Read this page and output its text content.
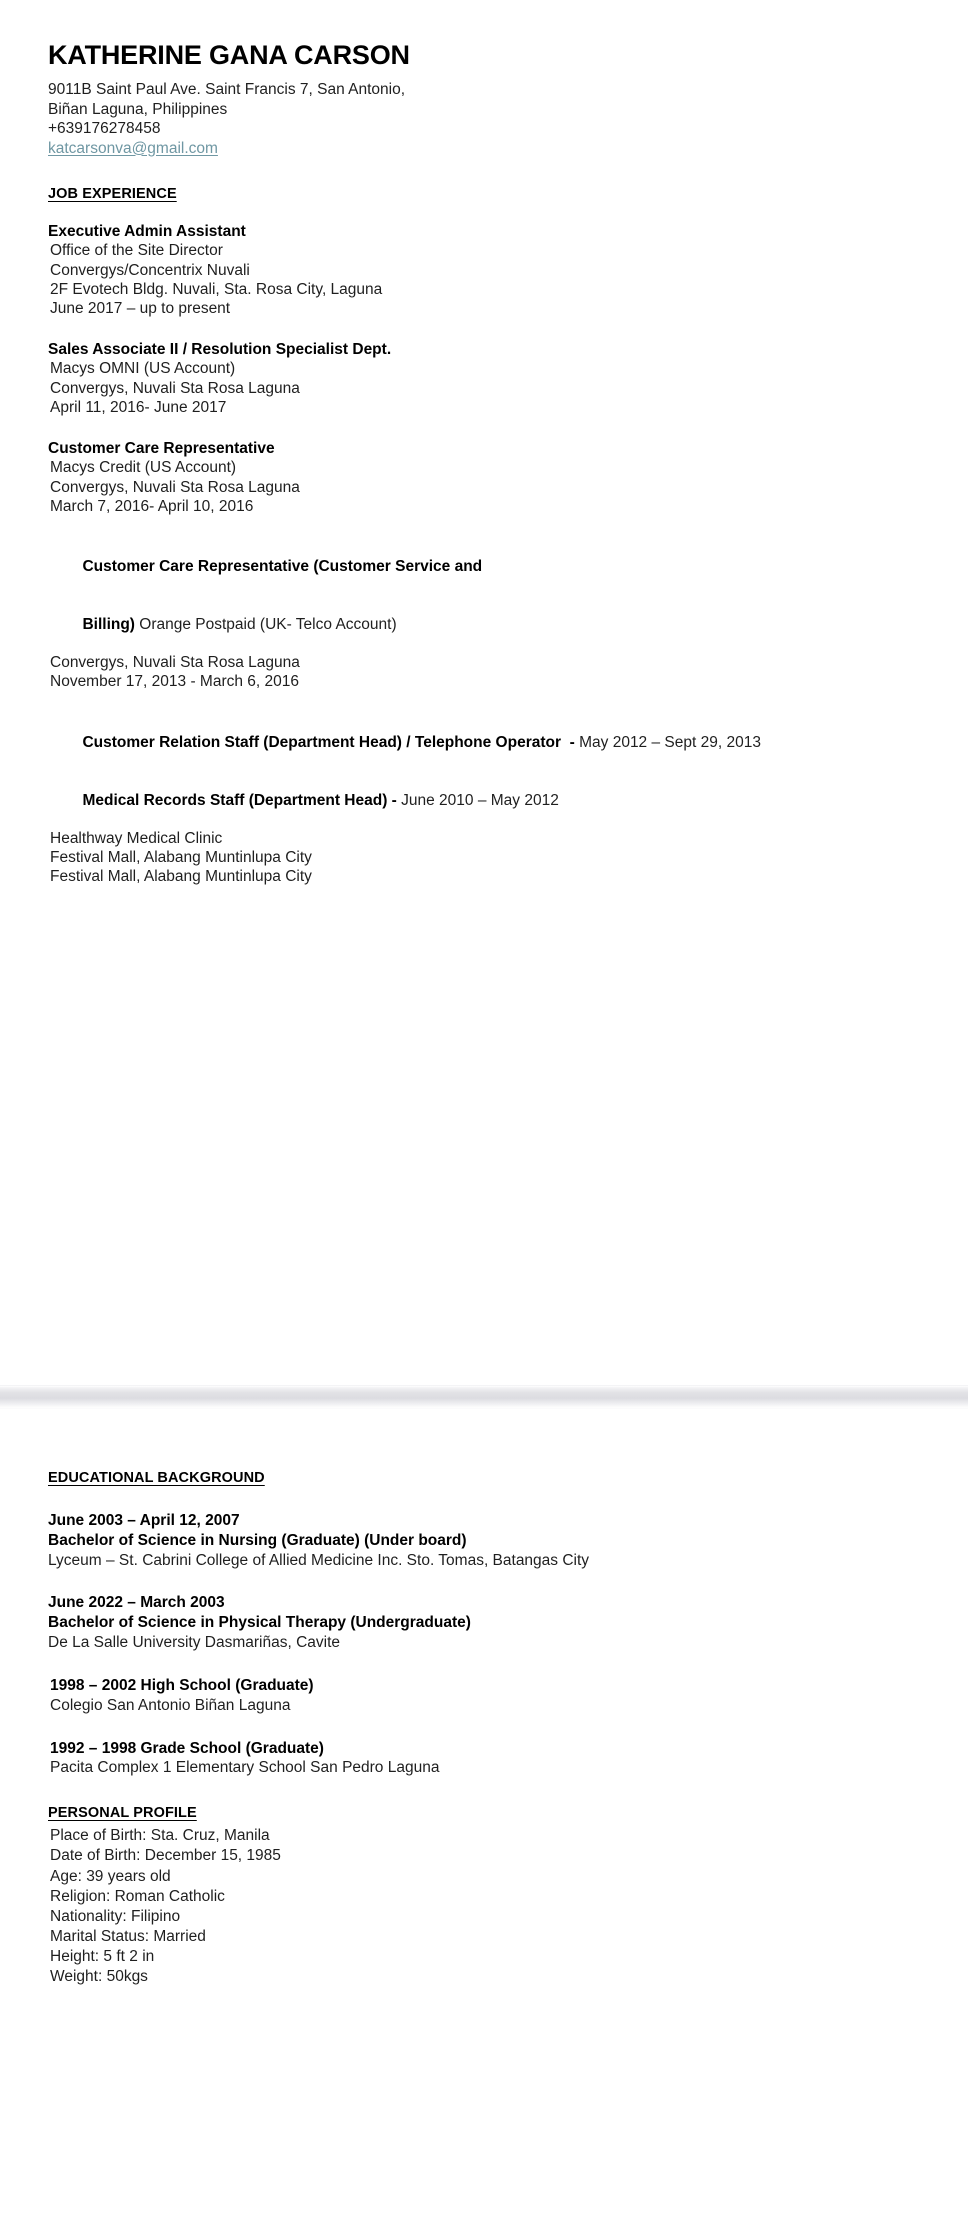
KATHERINE GANA CARSON
9011B Saint Paul Ave. Saint Francis 7, San Antonio,
Biñan Laguna, Philippines
+639176278458
katcarsonva@gmail.com
JOB EXPERIENCE
Executive Admin Assistant
Office of the Site Director
Convergys/Concentrix Nuvali
2F Evotech Bldg. Nuvali, Sta. Rosa City, Laguna
June 2017 – up to present
Sales Associate II / Resolution Specialist Dept.
Macys OMNI (US Account)
Convergys, Nuvali Sta Rosa Laguna
April 11, 2016- June 2017
Customer Care Representative
Macys Credit (US Account)
Convergys, Nuvali Sta Rosa Laguna
March 7, 2016- April 10, 2016

Customer Care Representative (Customer Service and

Billing) Orange Postpaid (UK- Telco Account)

Convergys, Nuvali Sta Rosa Laguna
November 17, 2013 - March 6, 2016

Customer Relation Staff (Department Head) / Telephone Operator  - May 2012 – Sept 29, 2013

Medical Records Staff (Department Head) - June 2010 – May 2012

Healthway Medical Clinic
Festival Mall, Alabang Muntinlupa City
Festival Mall, Alabang Muntinlupa City
EDUCATIONAL BACKGROUND
June 2003 – April 12, 2007
Bachelor of Science in Nursing (Graduate) (Under board)
Lyceum – St. Cabrini College of Allied Medicine Inc. Sto. Tomas, Batangas City
June 2022 – March 2003
Bachelor of Science in Physical Therapy (Undergraduate)
De La Salle University Dasmariñas, Cavite
1998 – 2002 High School (Graduate)
Colegio San Antonio Biñan Laguna
1992 – 1998 Grade School (Graduate)
Pacita Complex 1 Elementary School San Pedro Laguna
PERSONAL PROFILE
Place of Birth: Sta. Cruz, Manila
Date of Birth: December 15, 1985
Age: 39 years old
Religion: Roman Catholic
Nationality: Filipino
Marital Status: Married
Height: 5 ft 2 in
Weight: 50kgs
